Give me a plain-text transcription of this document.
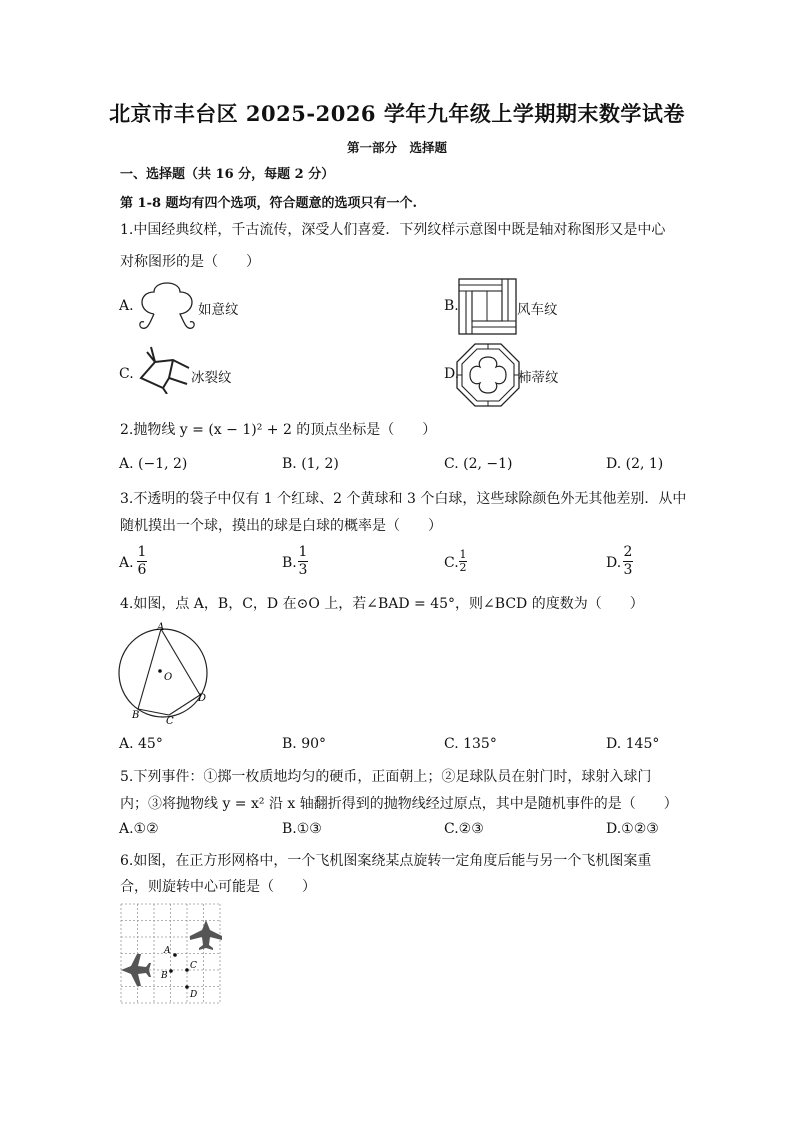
北京市丰台区 2025-2026 学年九年级上学期期末数学试卷
第一部分　选择题
一、选择题（共 16 分，每题 2 分）
第 1-8 题均有四个选项，符合题意的选项只有一个.
1.中国经典纹样，千古流传，深受人们喜爱．下列纹样示意图中既是轴对称图形又是中心
对称图形的是（　　）
A.	如意纹	B.	风车纹
C.	冰裂纹	D.	柿蒂纹
2.抛物线 y = (x − 1)² + 2 的顶点坐标是（　　）
A. (−1, 2)	B. (1, 2)	C. (2, −1)	D. (2, 1)
3.不透明的袋子中仅有 1 个红球、2 个黄球和 3 个白球，这些球除颜色外无其他差别．从中
随机摸出一个球，摸出的球是白球的概率是（　　）
A. $\frac{1}{6}$	B. $\frac{1}{3}$	C. $\frac{1}{2}$	D. $\frac{2}{3}$
4.如图，点 A，B，C，D 在⊙O 上，若∠BAD = 45°，则∠BCD 的度数为（　　）
A
O
D
B
C
A. 45°	B. 90°	C. 135°	D. 145°
5.下列事件：①掷一枚质地均匀的硬币，正面朝上；②足球队员在射门时，球射入球门
内；③将抛物线 y = x² 沿 x 轴翻折得到的抛物线经过原点，其中是随机事件的是（　　）
A.①②	B.①③	C.②③	D.①②③
6.如图，在正方形网格中，一个飞机图案绕某点旋转一定角度后能与另一个飞机图案重
合，则旋转中心可能是（　　）
A
B
C
D
